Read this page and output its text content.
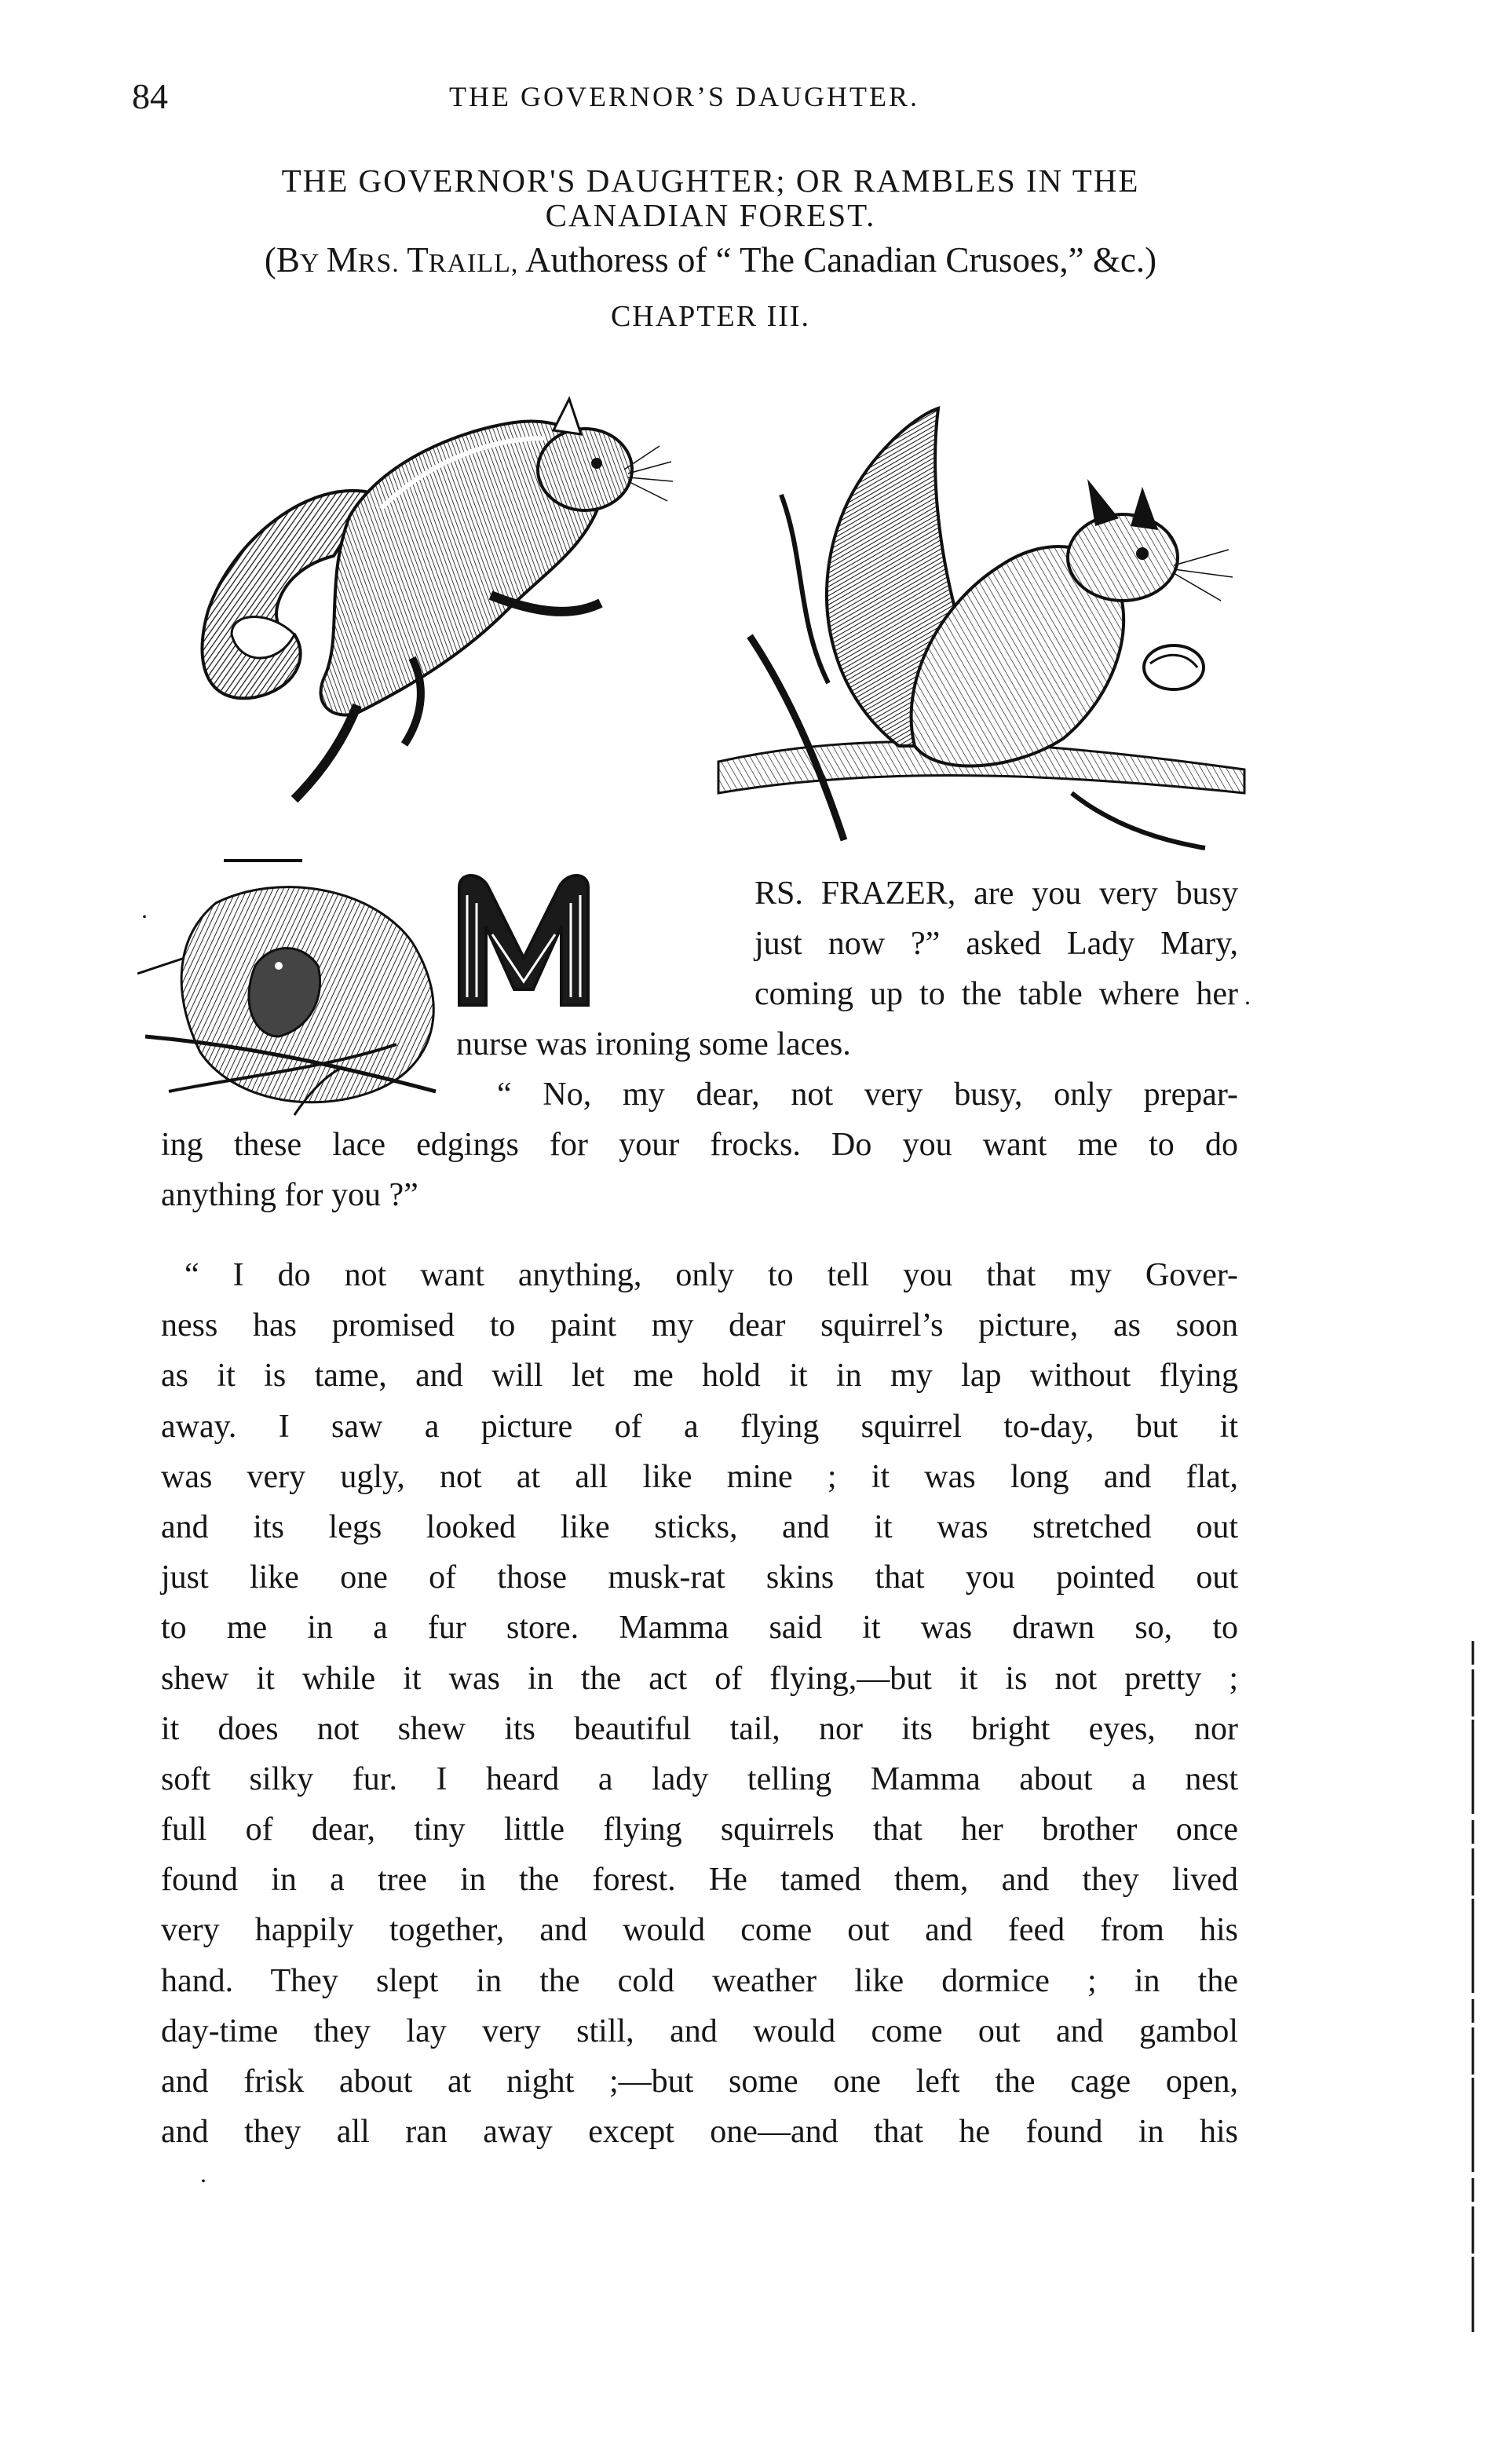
84	THE GOVERNOR’S DAUGHTER.
THE GOVERNOR'S DAUGHTER; OR RAMBLES IN THE
CANADIAN FOREST.
(BY MRS. TRAILL, Authoress of “ The Canadian Crusoes,” &c.)
CHAPTER III.
M
RS. FRAZER, are you very busy
just now ?” asked Lady Mary,
coming up to the table where her
nurse was ironing some laces.
.
.
“ No, my dear, not very busy, only prepar-
ing these lace edgings for your frocks. Do you want me to do
anything for you ?”
“ I do not want anything, only to tell you that my Gover-
ness has promised to paint my dear squirrel’s picture, as soon
as it is tame, and will let me hold it in my lap without flying
away. I saw a picture of a flying squirrel to-day, but it
was very ugly, not at all like mine ; it was long and flat,
and its legs looked like sticks, and it was stretched out
just like one of those musk-rat skins that you pointed out
to me in a fur store. Mamma said it was drawn so, to
shew it while it was in the act of flying,—but it is not pretty ;
it does not shew its beautiful tail, nor its bright eyes, nor
soft silky fur. I heard a lady telling Mamma about a nest
full of dear, tiny little flying squirrels that her brother once
found in a tree in the forest. He tamed them, and they lived
very happily together, and would come out and feed from his
hand. They slept in the cold weather like dormice ; in the
day-time they lay very still, and would come out and gambol
and frisk about at night ;—but some one left the cage open,
and they all ran away except one—and that he found in his
.
